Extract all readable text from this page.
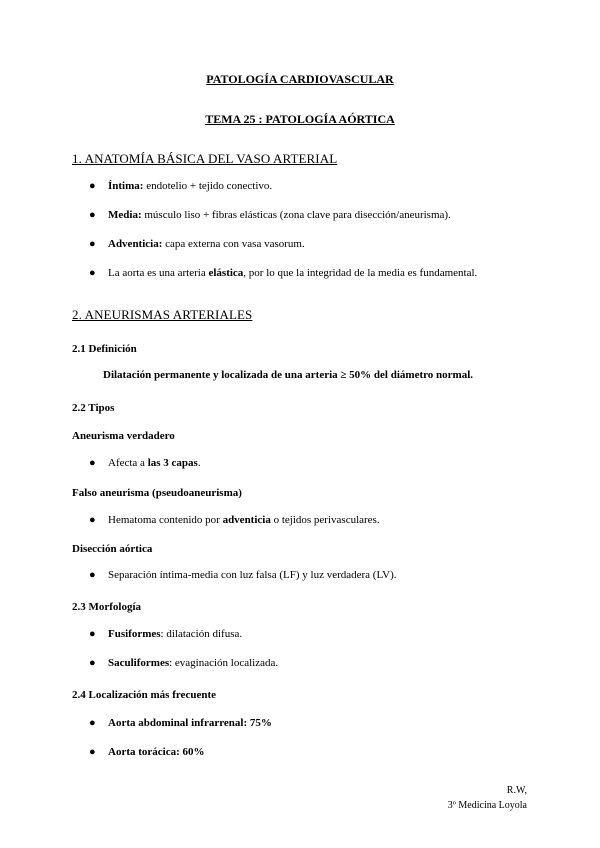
PATOLOGÍA CARDIOVASCULAR
TEMA 25 : PATOLOGÍA AÓRTICA
1. ANATOMÍA BÁSICA DEL VASO ARTERIAL
● Íntima: endotelio + tejido conectivo.
● Media: músculo liso + fibras elásticas (zona clave para disección/aneurisma).
● Adventicia: capa externa con vasa vasorum.
● La aorta es una arteria elástica, por lo que la integridad de la media es fundamental.
2. ANEURISMAS ARTERIALES
2.1 Definición
Dilatación permanente y localizada de una arteria ≥ 50% del diámetro normal.
2.2 Tipos
Aneurisma verdadero
● Afecta a las 3 capas.
Falso aneurisma (pseudoaneurisma)
● Hematoma contenido por adventicia o tejidos perivasculares.
Disección aórtica
● Separación íntima-media con luz falsa (LF) y luz verdadera (LV).
2.3 Morfología
● Fusiformes: dilatación difusa.
● Saculiformes: evaginación localizada.
2.4 Localización más frecuente
● Aorta abdominal infrarrenal: 75%
● Aorta torácica: 60%
R.W,
3º Medicina Loyola
